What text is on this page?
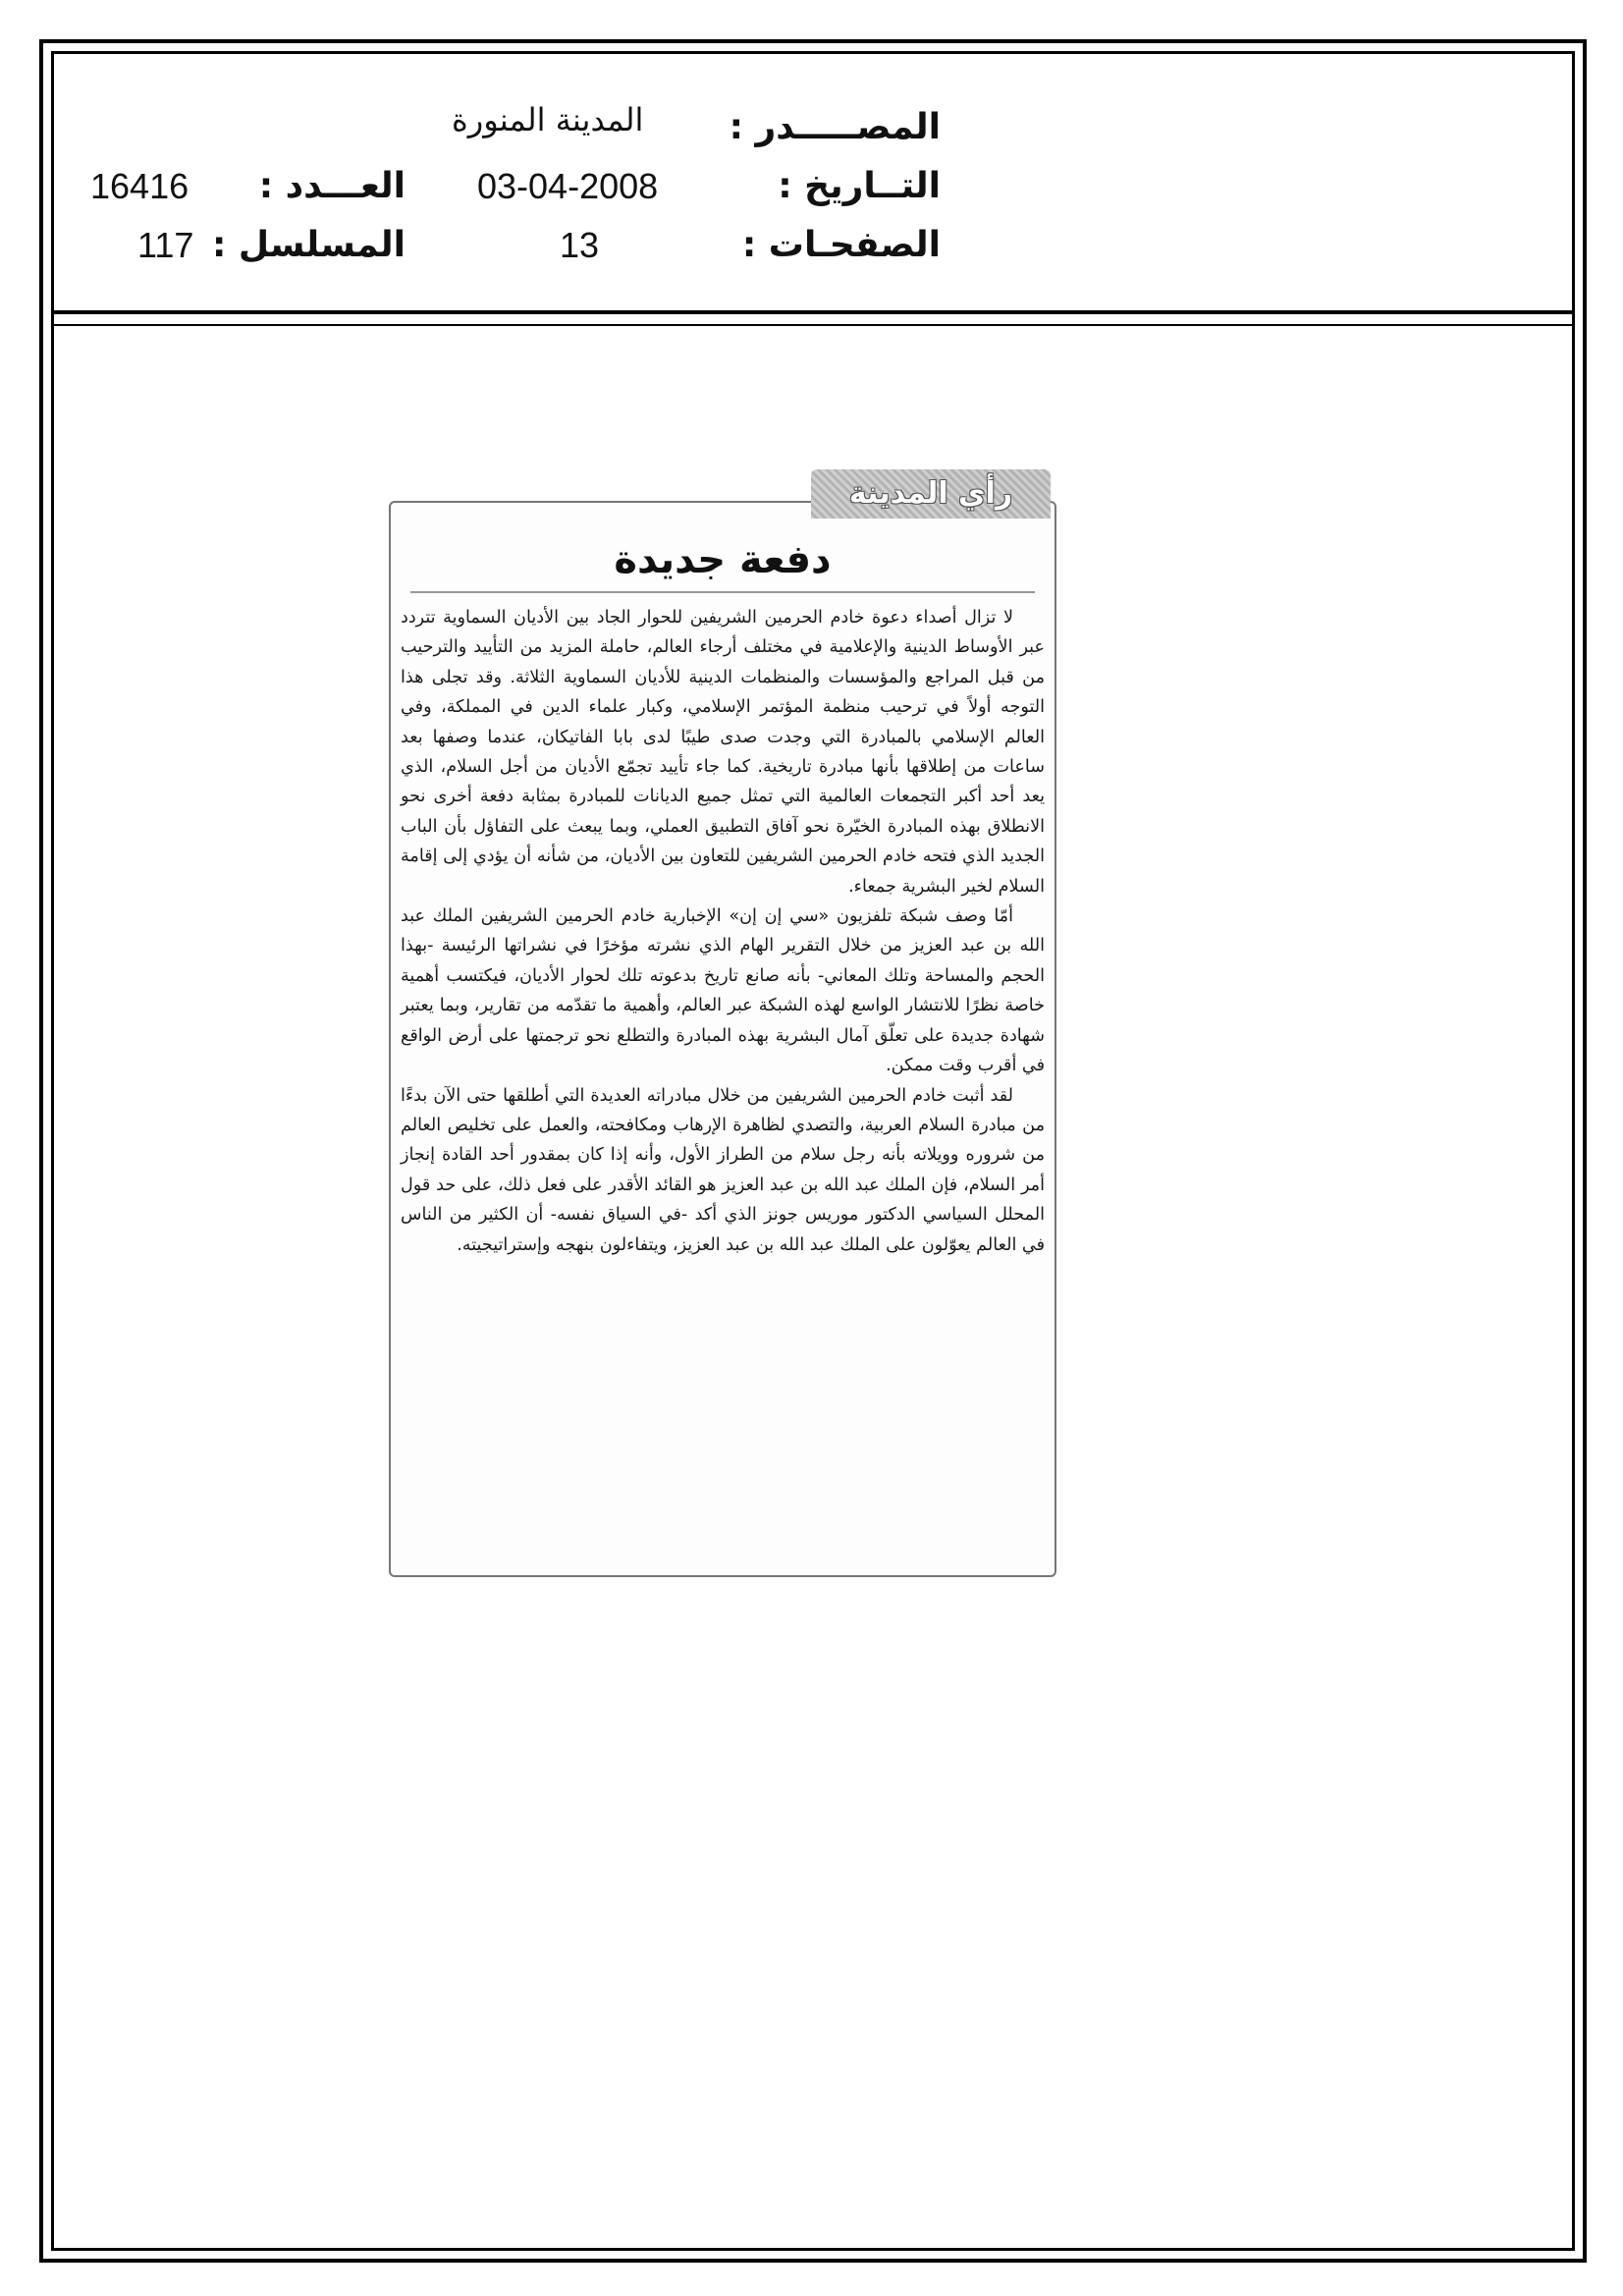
المصـــــدر :
المدينة المنورة
التــاريخ :
03-04-2008
العـــدد :
16416
الصفحـات :
13
المسلسل :
117
رأي المدينة
دفعة جديدة

لا تزال أصداء دعوة خادم الحرمين الشريفين للحوار الجاد بين الأديان السماوية تتردد عبر الأوساط الدينية والإعلامية في مختلف أرجاء العالم، حاملة المزيد من التأييد والترحيب من قبل المراجع والمؤسسات والمنظمات الدينية للأديان السماوية الثلاثة. وقد تجلى هذا التوجه أولاً في ترحيب منظمة المؤتمر الإسلامي، وكبار علماء الدين في المملكة، وفي العالم الإسلامي بالمبادرة التي وجدت صدى طيبًا لدى بابا الفاتيكان، عندما وصفها بعد ساعات من إطلاقها بأنها مبادرة تاريخية. كما جاء تأييد تجمّع الأديان من أجل السلام، الذي يعد أحد أكبر التجمعات العالمية التي تمثل جميع الديانات للمبادرة بمثابة دفعة أخرى نحو الانطلاق بهذه المبادرة الخيّرة نحو آفاق التطبيق العملي، وبما يبعث على التفاؤل بأن الباب الجديد الذي فتحه خادم الحرمين الشريفين للتعاون بين الأديان، من شأنه أن يؤدي إلى إقامة السلام لخير البشرية جمعاء.

أمّا وصف شبكة تلفزيون «سي إن إن» الإخبارية خادم الحرمين الشريفين الملك عبد الله بن عبد العزيز من خلال التقرير الهام الذي نشرته مؤخرًا في نشراتها الرئيسة -بهذا الحجم والمساحة وتلك المعاني- بأنه صانع تاريخ بدعوته تلك لحوار الأديان، فيكتسب أهمية خاصة نظرًا للانتشار الواسع لهذه الشبكة عبر العالم، وأهمية ما تقدّمه من تقارير، وبما يعتبر شهادة جديدة على تعلّق آمال البشرية بهذه المبادرة والتطلع نحو ترجمتها على أرض الواقع في أقرب وقت ممكن.

لقد أثبت خادم الحرمين الشريفين من خلال مبادراته العديدة التي أطلقها حتى الآن بدءًا من مبادرة السلام العربية، والتصدي لظاهرة الإرهاب ومكافحته، والعمل على تخليص العالم من شروره وويلاته بأنه رجل سلام من الطراز الأول، وأنه إذا كان بمقدور أحد القادة إنجاز أمر السلام، فإن الملك عبد الله بن عبد العزيز هو القائد الأقدر على فعل ذلك، على حد قول المحلل السياسي الدكتور موريس جونز الذي أكد -في السياق نفسه- أن الكثير من الناس في العالم يعوّلون على الملك عبد الله بن عبد العزيز، ويتفاءلون بنهجه وإستراتيجيته.
